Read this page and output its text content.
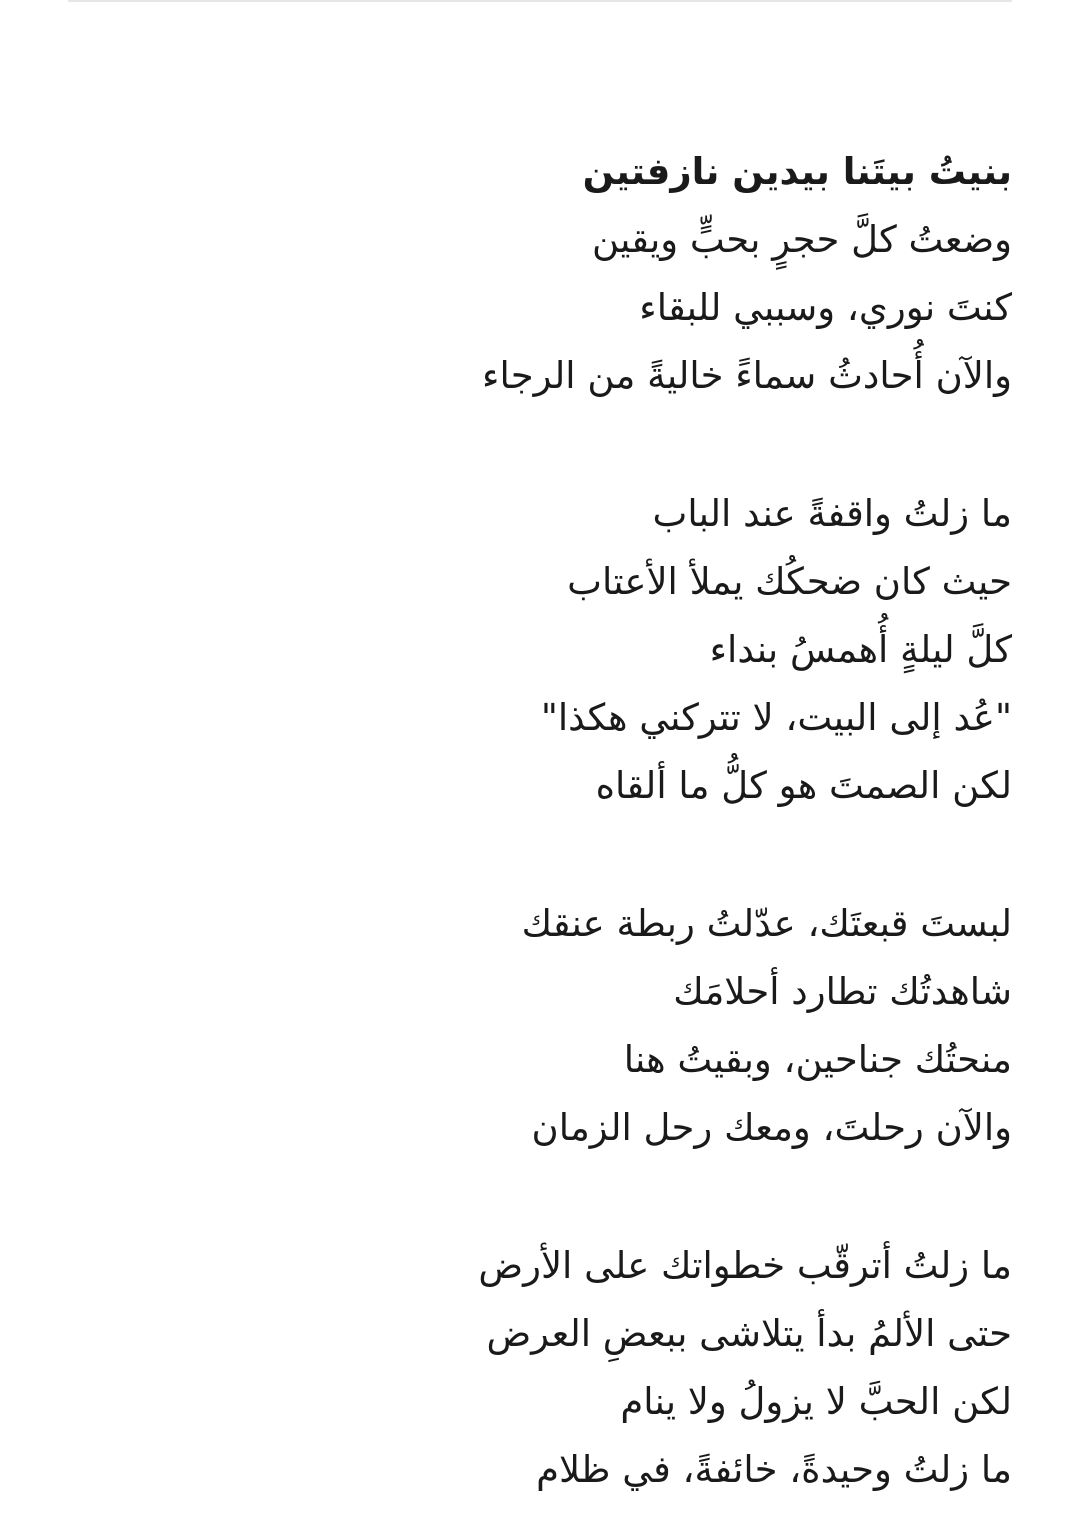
بنيتُ بيتَنا بيدين نازفتين
وضعتُ كلَّ حجرٍ بحبٍّ ويقين
كنتَ نوري، وسببي للبقاء
والآن أُحادثُ سماءً خاليةً من الرجاء
ما زلتُ واقفةً عند الباب
حيث كان ضحكُك يملأ الأعتاب
كلَّ ليلةٍ أُهمسُ بنداء
"عُد إلى البيت، لا تتركني هكذا"
لكن الصمتَ هو كلُّ ما ألقاه
لبستَ قبعتَك، عدّلتُ ربطة عنقك
شاهدتُك تطارد أحلامَك
منحتُك جناحين، وبقيتُ هنا
والآن رحلتَ، ومعك رحل الزمان
ما زلتُ أترقّب خطواتك على الأرض
حتى الألمُ بدأ يتلاشى ببعضِ العرض
لكن الحبَّ لا يزولُ ولا ينام
ما زلتُ وحيدةً، خائفةً، في ظلام
